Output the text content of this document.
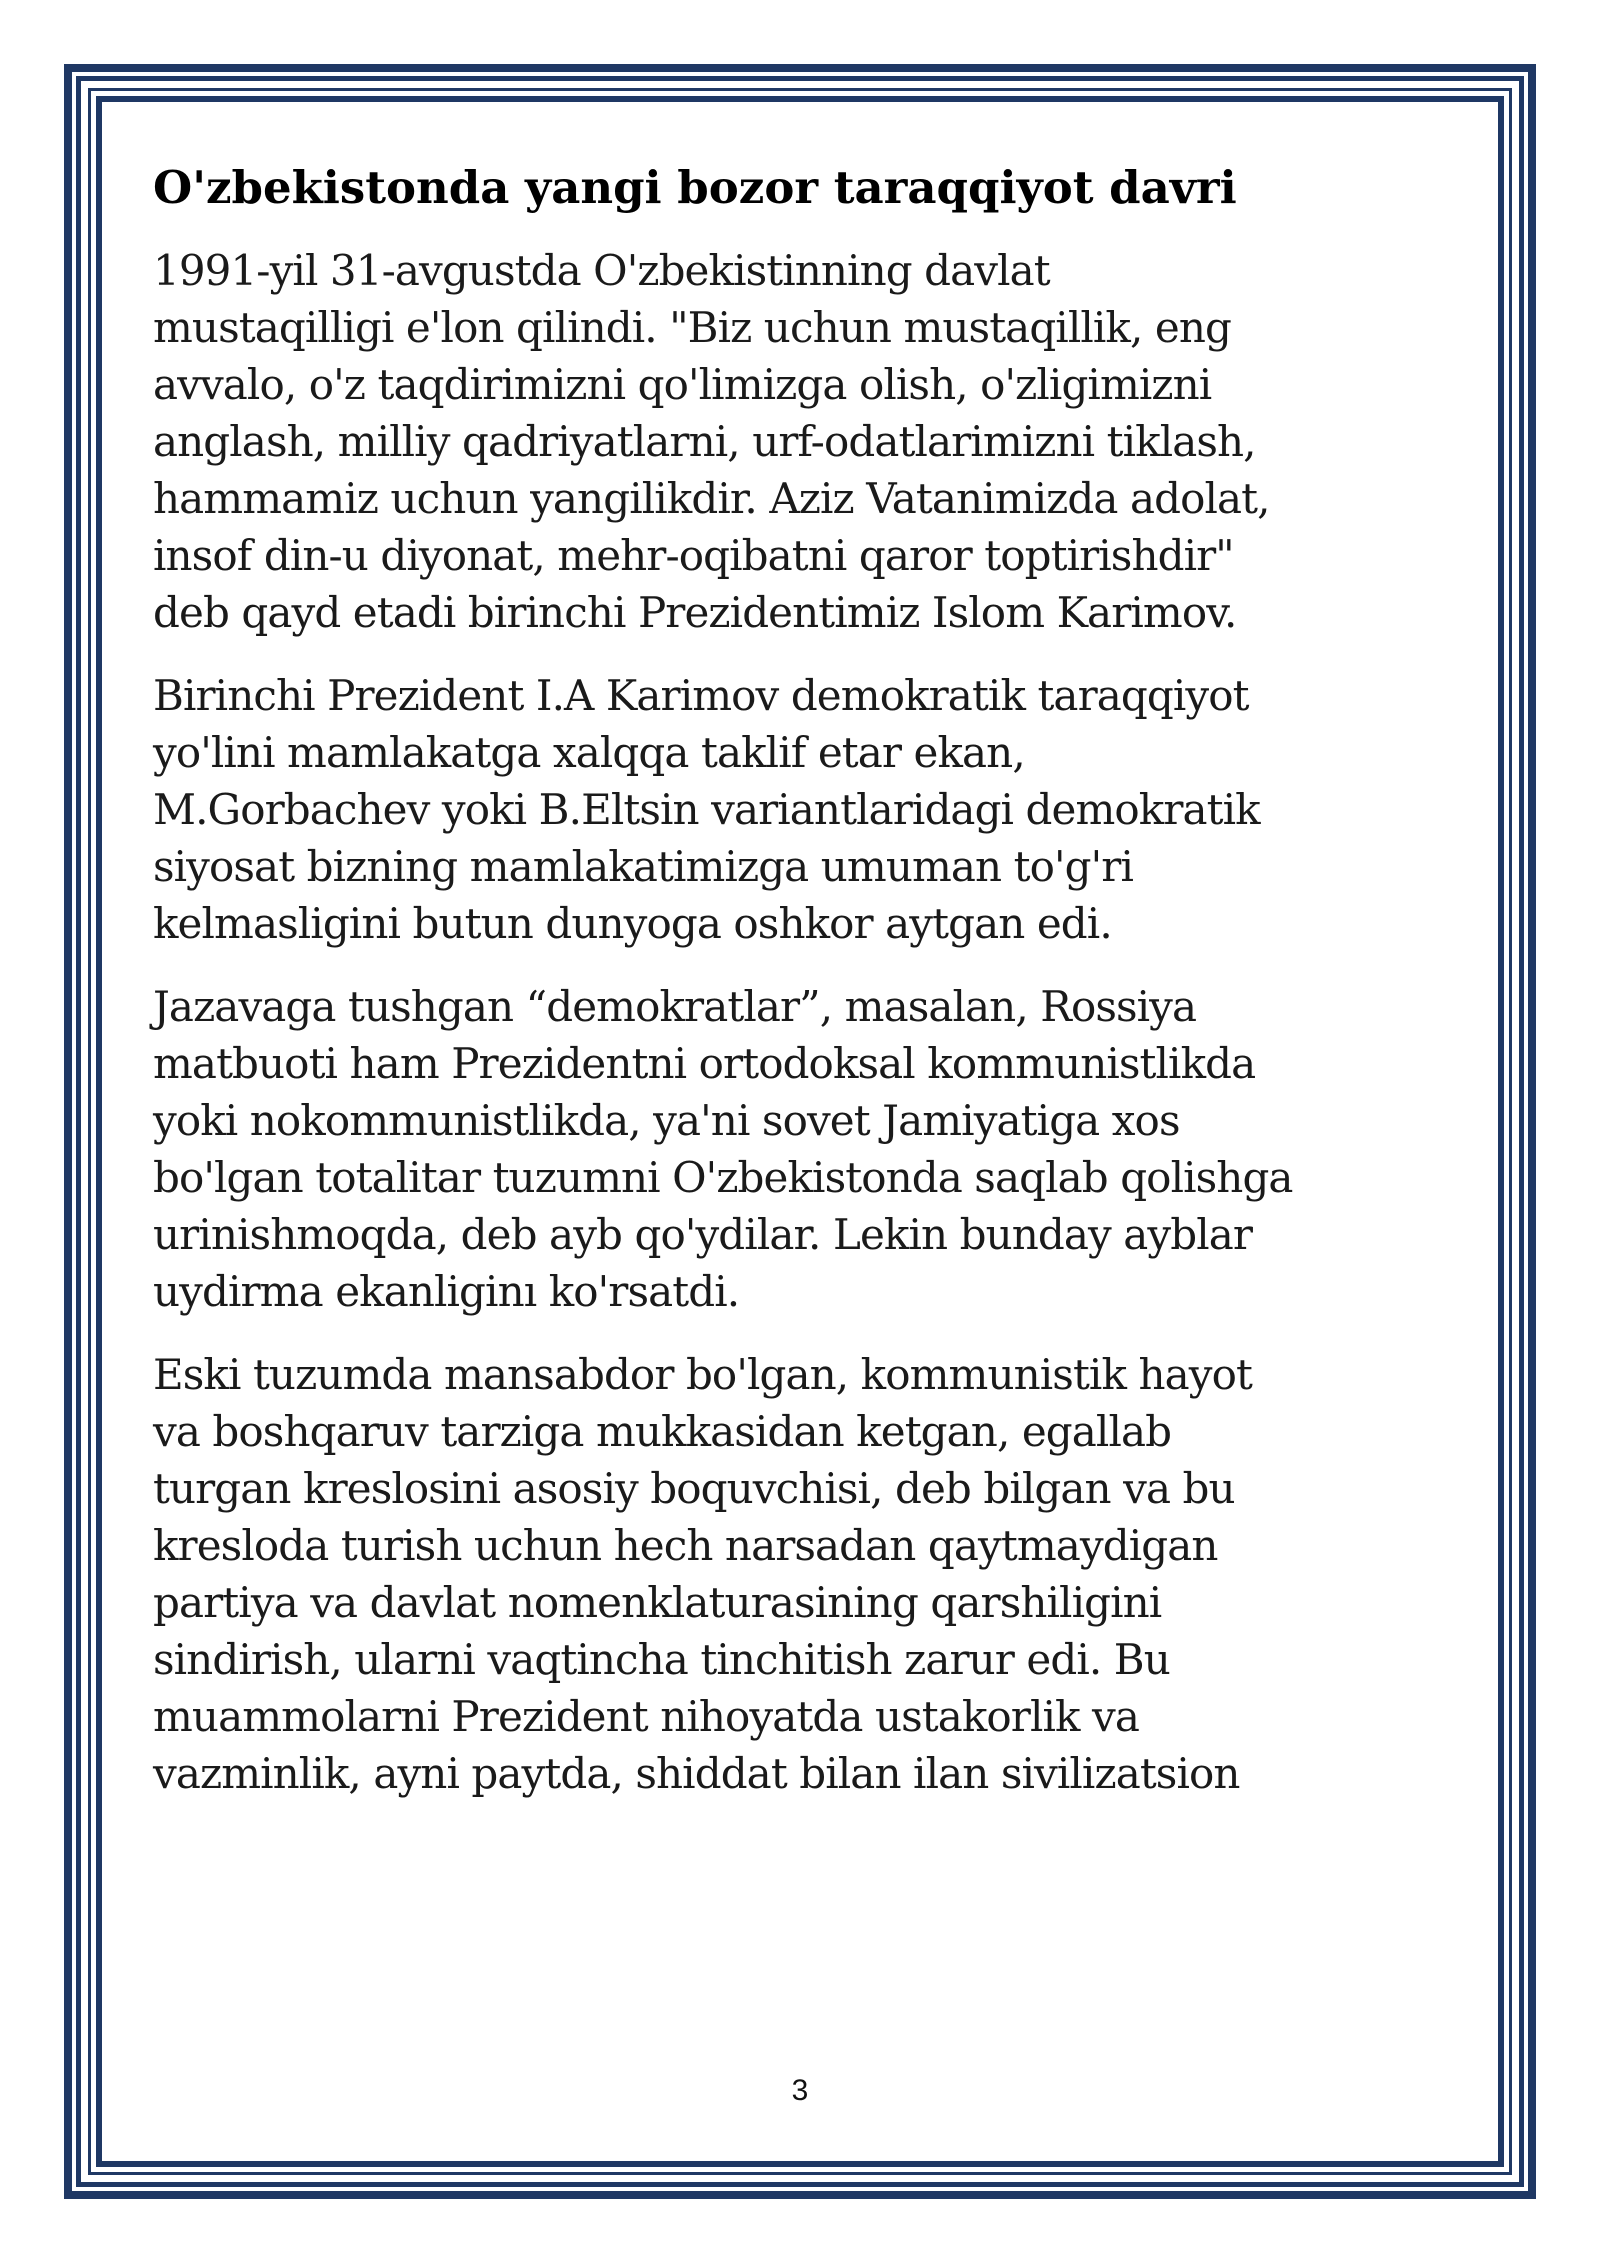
O'zbekistonda yangi bozor taraqqiyot davri

1991-yil 31-avgustda O'zbekistinning davlat
mustaqilligi e'lon qilindi. "Biz uchun mustaqillik, eng
avvalo, o'z taqdirimizni qo'limizga olish, o'zligimizni
anglash, milliy qadriyatlarni, urf-odatlarimizni tiklash,
hammamiz uchun yangilikdir. Aziz Vatanimizda adolat,
insof din-u diyonat, mehr-oqibatni qaror toptirishdir"
deb qayd etadi birinchi Prezidentimiz Islom Karimov.

Birinchi Prezident I.A Karimov demokratik taraqqiyot
yo'lini mamlakatga xalqqa taklif etar ekan,
M.Gorbachev yoki B.Eltsin variantlaridagi demokratik
siyosat bizning mamlakatimizga umuman to'g'ri
kelmasligini butun dunyoga oshkor aytgan edi.

Jazavaga tushgan “demokratlar”, masalan, Rossiya
matbuoti ham Prezidentni ortodoksal kommunistlikda
yoki nokommunistlikda, ya'ni sovet Jamiyatiga xos
bo'lgan totalitar tuzumni O'zbekistonda saqlab qolishga
urinishmoqda, deb ayb qo'ydilar. Lekin bunday ayblar
uydirma ekanliginı ko'rsatdi.

Eski tuzumda mansabdor bo'lgan, kommunistik hayot
va boshqaruv tarziga mukkasidan ketgan, egallab
turgan kreslosini asosiy boquvchisi, deb bilgan va bu
kresloda turish uchun hech narsadan qaytmaydigan
partiya va davlat nomenklaturasining qarshiligini
sindirish, ularni vaqtincha tinchitish zarur edi. Bu
muammolarni Prezident nihoyatda ustakorlik va
vazminlik, ayni paytda, shiddat bilan ilan sivilizatsion

3
